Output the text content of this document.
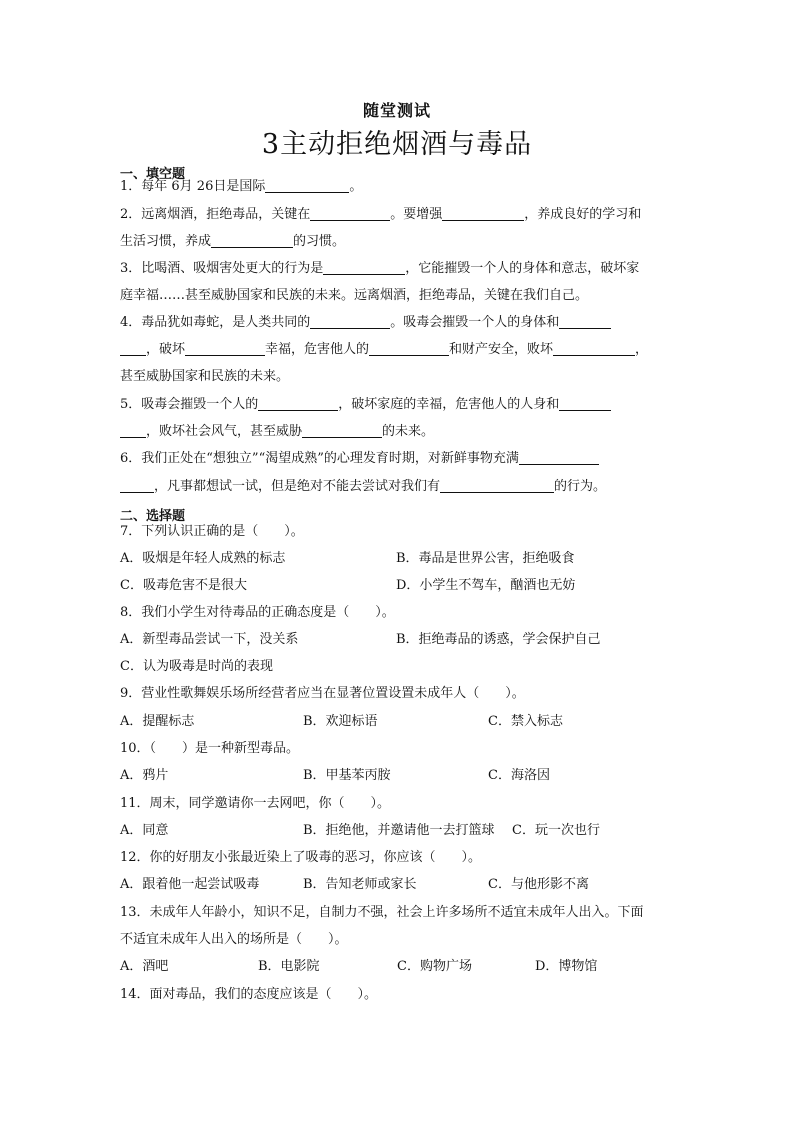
随堂测试
3主动拒绝烟酒与毒品
一、填空题
1．每年 6月 26日是国际	。
2．远离烟酒，拒绝毒品，关键在	。要增强	，养成良好的学习和
生活习惯，养成	的习惯。
3．比喝酒、吸烟害处更大的行为是	，它能摧毁一个人的身体和意志，破坏家
庭幸福……甚至威胁国家和民族的未来。远离烟酒，拒绝毒品，关键在我们自己。
4．毒品犹如毒蛇，是人类共同的	。吸毒会摧毁一个人的身体和
，破坏	幸福，危害他人的	和财产安全，败坏	，
甚至威胁国家和民族的未来。
5．吸毒会摧毁一个人的	，破坏家庭的幸福，危害他人的人身和
，败坏社会风气，甚至威胁	的未来。
6．我们正处在“想独立”“渴望成熟”的心理发育时期，对新鲜事物充满
，凡事都想试一试，但是绝对不能去尝试对我们有	的行为。
二、选择题
7．下列认识正确的是（　　）。
A．吸烟是年轻人成熟的标志	B．毒品是世界公害，拒绝吸食
C．吸毒危害不是很大	D．小学生不驾车，酗酒也无妨
8．我们小学生对待毒品的正确态度是（　　）。
A．新型毒品尝试一下，没关系	B．拒绝毒品的诱惑，学会保护自己
C．认为吸毒是时尚的表现
9．营业性歌舞娱乐场所经营者应当在显著位置设置未成年人（　　）。
A．提醒标志	B．欢迎标语	C．禁入标志
10．（　　）是一种新型毒品。
A．鸦片	B．甲基苯丙胺	C．海洛因
11．周末，同学邀请你一去网吧，你（　　）。
A．同意	B．拒绝他，并邀请他一去打篮球 C．玩一次也行
12．你的好朋友小张最近染上了吸毒的恶习，你应该（　　）。
A．跟着他一起尝试吸毒	B．告知老师或家长	C．与他形影不离
13．未成年人年龄小，知识不足，自制力不强，社会上许多场所不适宜未成年人出入。下面
不适宜未成年人出入的场所是（　　）。
A．酒吧	B．电影院	C．购物广场	D．博物馆
14．面对毒品，我们的态度应该是（　　）。
